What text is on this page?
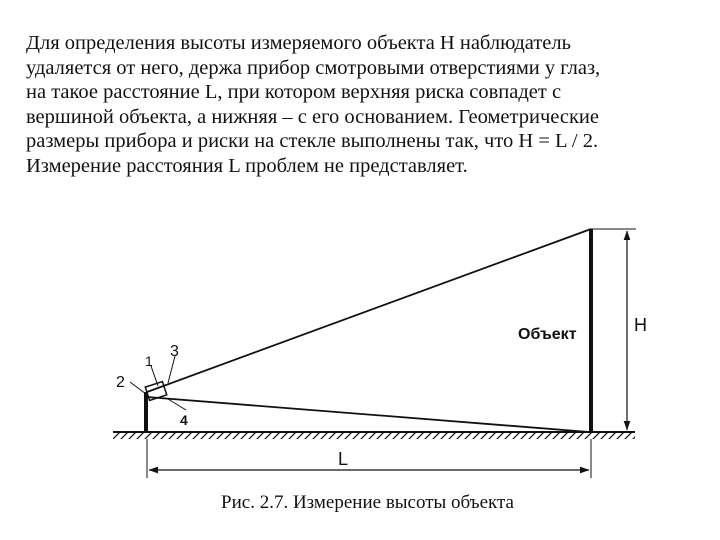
Для определения высоты измеряемого объекта H наблюдатель
удаляется от него, держа прибор смотровыми отверстиями у глаз,
на такое расстояние L, при котором верхняя риска совпадет с
вершиной объекта, а нижняя – с его основанием. Геометрические
размеры прибора и риски на стекле выполнены так, что H = L / 2.
Измерение расстояния L проблем не представляет.
1
2
3
4
Объект	H
L
Рис. 2.7. Измерение высоты объекта
